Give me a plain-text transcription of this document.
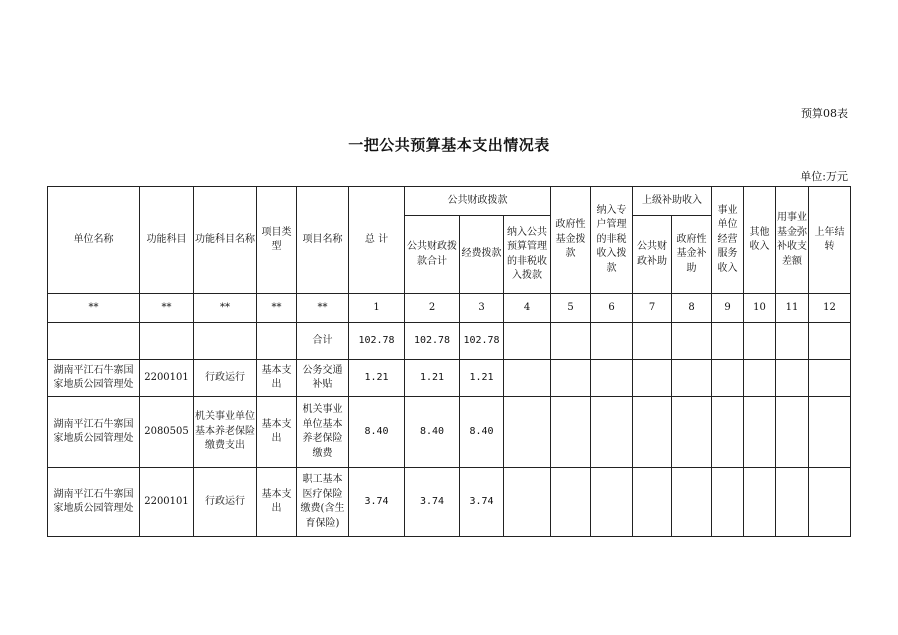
预算08表
一把公共预算基本支出情况表
单位:万元
单位名称	功能科目	功能科目名称	项目类型	项目名称	总 计	公共财政拨款			政府性基金拨款	纳入专户管理的非税收入拨款	上级补助收入		事业单位经营服务收入	其他收入	用事业基金弥补收支差额	上年结转
						公共财政拨款合计	经费拨款	纳入公共预算管理的非税收入拨款			公共财政补助	政府性基金补助				
**	**	**	**	**	1	2	3	4	5	6	7	8	9	10	11	12
				合计	102.78	102.78	102.78									
湖南平江石牛寨国家地质公园管理处	2200101	行政运行	基本支出	公务交通补贴	1.21	1.21	1.21									
湖南平江石牛寨国家地质公园管理处	2080505	机关事业单位基本养老保险缴费支出	基本支出	机关事业单位基本养老保险缴费	8.40	8.40	8.40									
湖南平江石牛寨国家地质公园管理处	2200101	行政运行	基本支出	职工基本医疗保险缴费(含生育保险)	3.74	3.74	3.74									
